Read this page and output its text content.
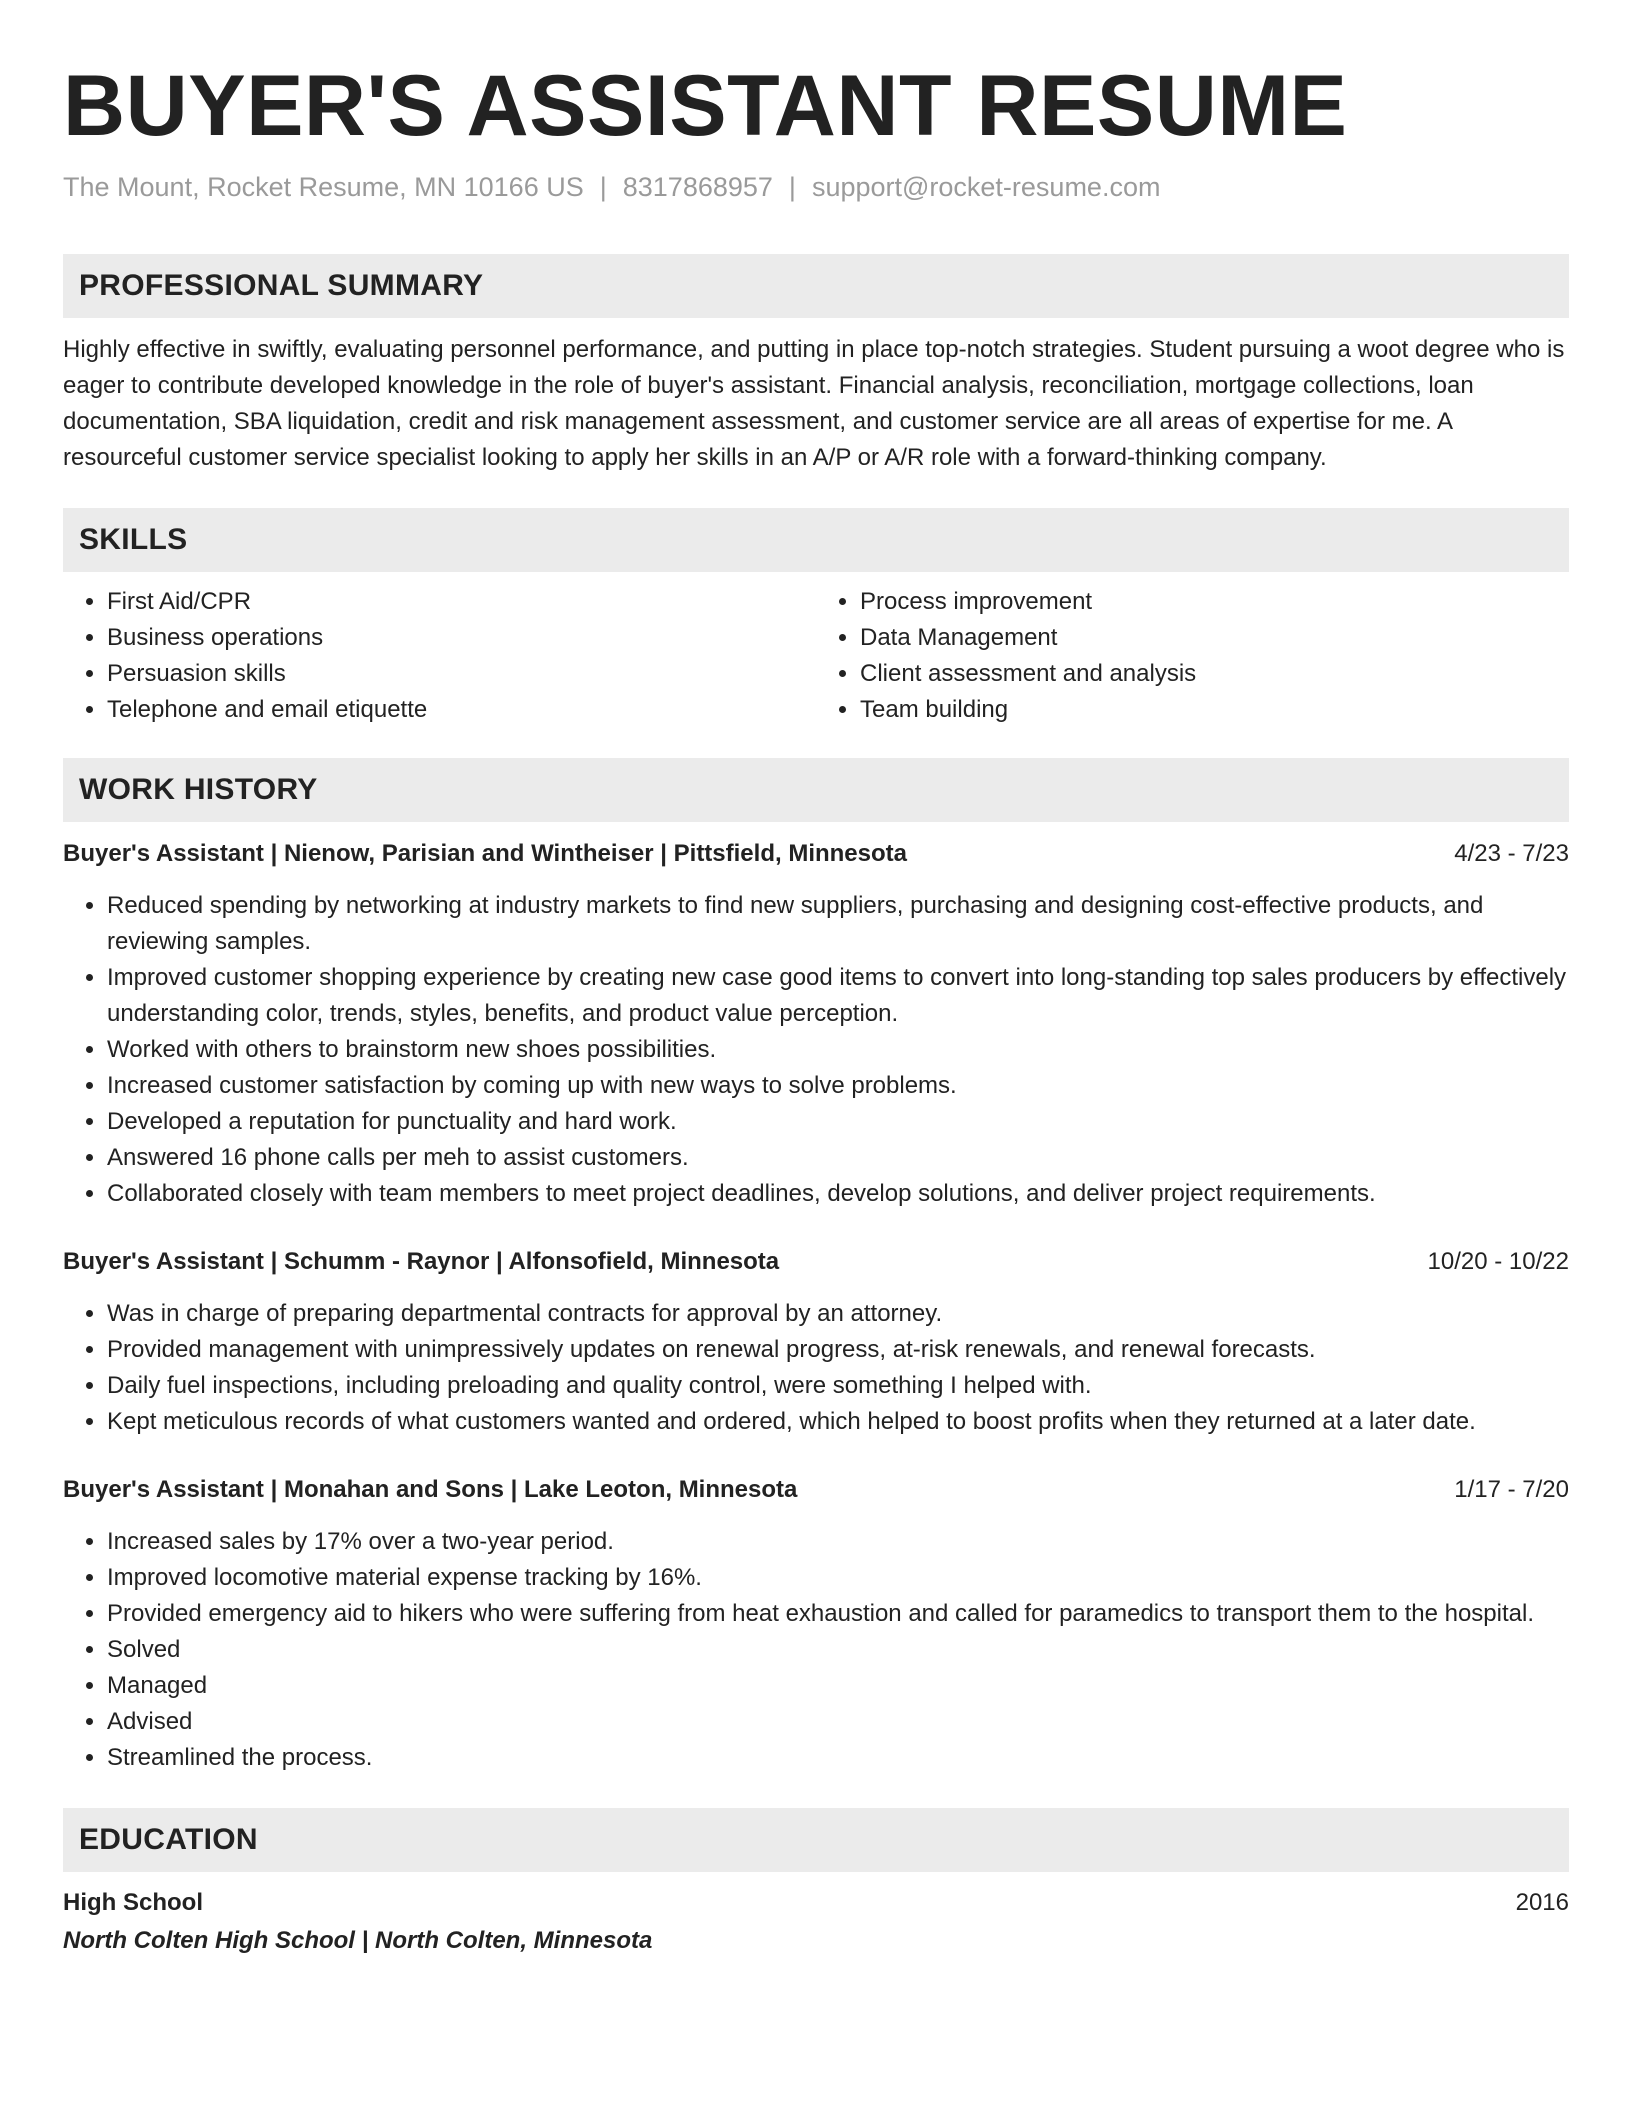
BUYER'S ASSISTANT RESUME
The Mount, Rocket Resume, MN 10166 US | 8317868957 | support@rocket-resume.com
PROFESSIONAL SUMMARY
Highly effective in swiftly, evaluating personnel performance, and putting in place top-notch strategies. Student pursuing a woot degree who is eager to contribute developed knowledge in the role of buyer's assistant. Financial analysis, reconciliation, mortgage collections, loan documentation, SBA liquidation, credit and risk management assessment, and customer service are all areas of expertise for me. A resourceful customer service specialist looking to apply her skills in an A/P or A/R role with a forward-thinking company.
SKILLS
• First Aid/CPR
• Business operations
• Persuasion skills
• Telephone and email etiquette
• Process improvement
• Data Management
• Client assessment and analysis
• Team building
WORK HISTORY
Buyer's Assistant | Nienow, Parisian and Wintheiser | Pittsfield, Minnesota	4/23 - 7/23
• Reduced spending by networking at industry markets to find new suppliers, purchasing and designing cost-effective products, and reviewing samples.
• Improved customer shopping experience by creating new case good items to convert into long-standing top sales producers by effectively understanding color, trends, styles, benefits, and product value perception.
• Worked with others to brainstorm new shoes possibilities.
• Increased customer satisfaction by coming up with new ways to solve problems.
• Developed a reputation for punctuality and hard work.
• Answered 16 phone calls per meh to assist customers.
• Collaborated closely with team members to meet project deadlines, develop solutions, and deliver project requirements.
Buyer's Assistant | Schumm - Raynor | Alfonsofield, Minnesota	10/20 - 10/22
• Was in charge of preparing departmental contracts for approval by an attorney.
• Provided management with unimpressively updates on renewal progress, at-risk renewals, and renewal forecasts.
• Daily fuel inspections, including preloading and quality control, were something I helped with.
• Kept meticulous records of what customers wanted and ordered, which helped to boost profits when they returned at a later date.
Buyer's Assistant | Monahan and Sons | Lake Leoton, Minnesota	1/17 - 7/20
• Increased sales by 17% over a two-year period.
• Improved locomotive material expense tracking by 16%.
• Provided emergency aid to hikers who were suffering from heat exhaustion and called for paramedics to transport them to the hospital.
• Solved
• Managed
• Advised
• Streamlined the process.
EDUCATION
High School	2016
North Colten High School | North Colten, Minnesota
